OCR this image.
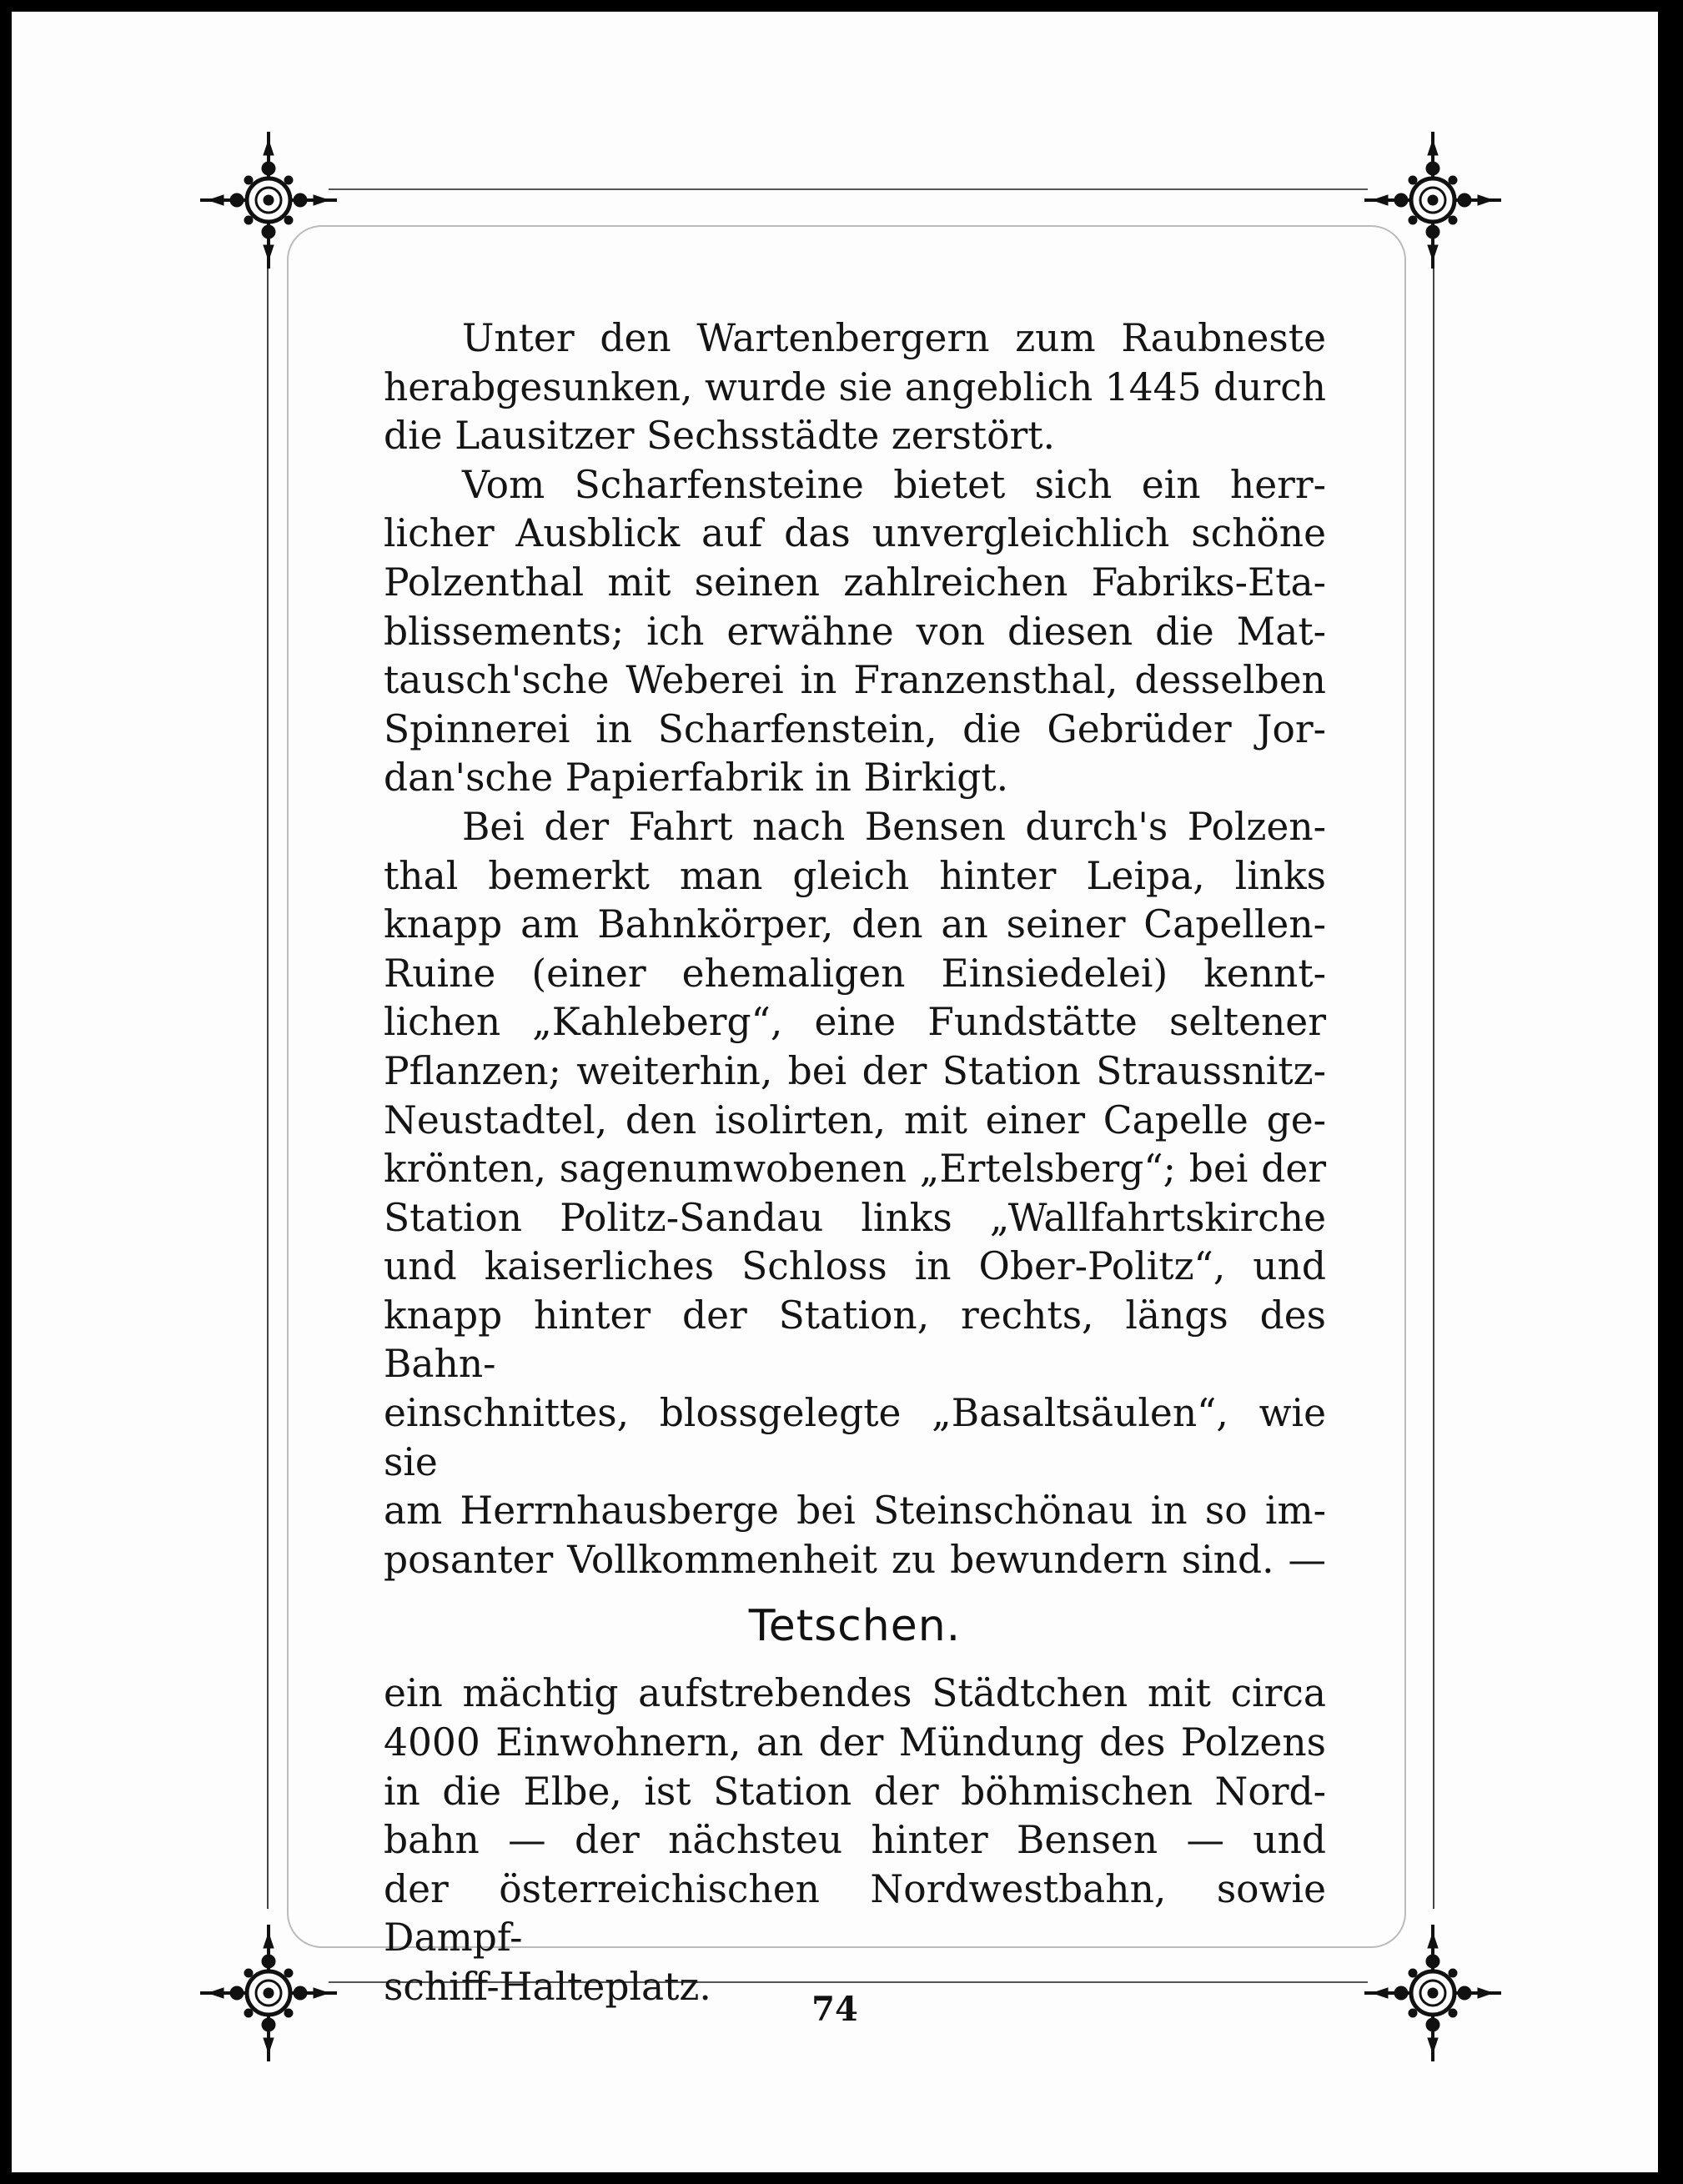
Unter den Wartenbergern zum Raubneste
herabgesunken, wurde sie angeblich 1445 durch
die Lausitzer Sechsstädte zerstört.
Vom Scharfensteine bietet sich ein herr-
licher Ausblick auf das unvergleichlich schöne
Polzenthal mit seinen zahlreichen Fabriks-Eta-
blissements; ich erwähne von diesen die Mat-
tausch'sche Weberei in Franzensthal, desselben
Spinnerei in Scharfenstein, die Gebrüder Jor-
dan'sche Papierfabrik in Birkigt.
Bei der Fahrt nach Bensen durch's Polzen-
thal bemerkt man gleich hinter Leipa, links
knapp am Bahnkörper, den an seiner Capellen-
Ruine (einer ehemaligen Einsiedelei) kennt-
lichen „Kahleberg“, eine Fundstätte seltener
Pflanzen; weiterhin, bei der Station Straussnitz-
Neustadtel, den isolirten, mit einer Capelle ge-
krönten, sagenumwobenen „Ertelsberg“; bei der
Station Politz-Sandau links „Wallfahrtskirche
und kaiserliches Schloss in Ober-Politz“, und
knapp hinter der Station, rechts, längs des Bahn-
einschnittes, blossgelegte „Basaltsäulen“, wie sie
am Herrnhausberge bei Steinschönau in so im-
posanter Vollkommenheit zu bewundern sind. —
Tetschen.
ein mächtig aufstrebendes Städtchen mit circa
4000 Einwohnern, an der Mündung des Polzens
in die Elbe, ist Station der böhmischen Nord-
bahn — der nächsteu hinter Bensen — und
der österreichischen Nordwestbahn, sowie Dampf-
schiff-Halteplatz.
74
